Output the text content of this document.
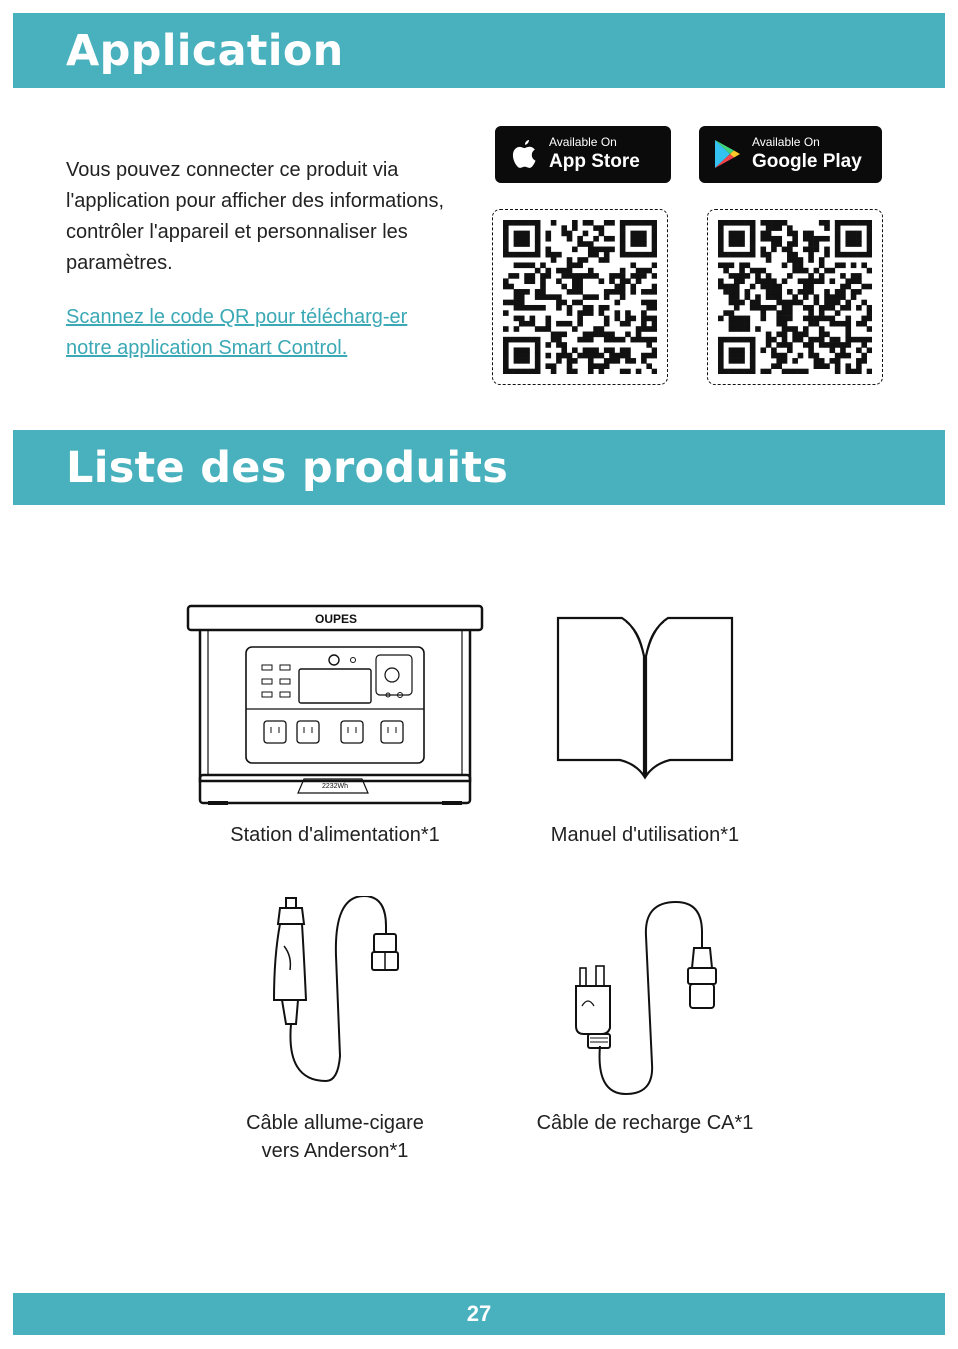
Application

Vous pouvez connecter ce produit via l'application pour afficher des informations, contrôler l'appareil et personnaliser les paramètres.

Scannez le code QR pour télécharg-er notre application Smart Control.
Available On
App Store
Available On
Google Play
Liste des produits
OUPES
2232Wh
Station d'alimentation*1	Manuel d'utilisation*1
Câble allume-cigare
vers Anderson*1
Câble de recharge CA*1
27
